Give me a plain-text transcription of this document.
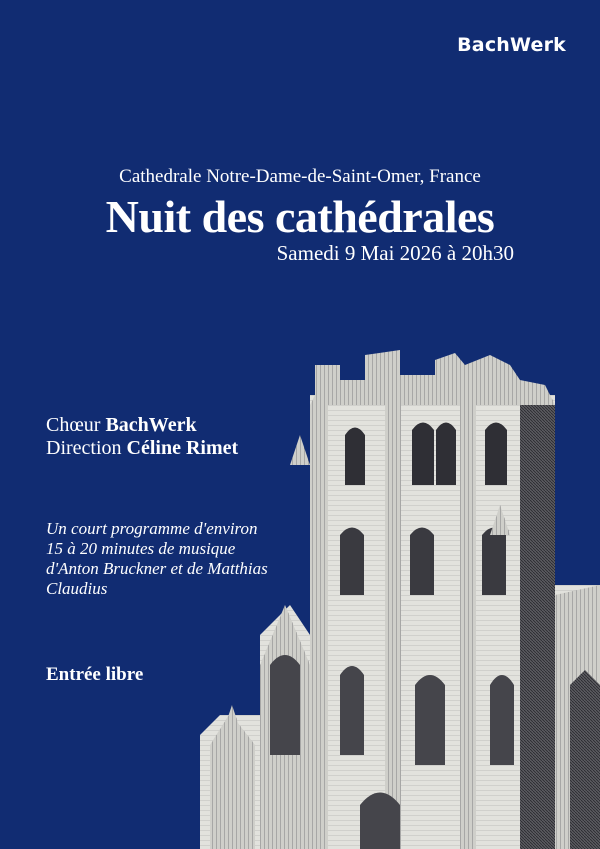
BachWerk
Cathedrale Notre-Dame-de-Saint-Omer, France
Nuit des cathédrales
Samedi 9 Mai 2026 à 20h30
Chœur BachWerk
Direction Céline Rimet
Un court programme d'environ 15 à 20 minutes de musique d'Anton Bruckner et de Matthias Claudius
Entrée libre
